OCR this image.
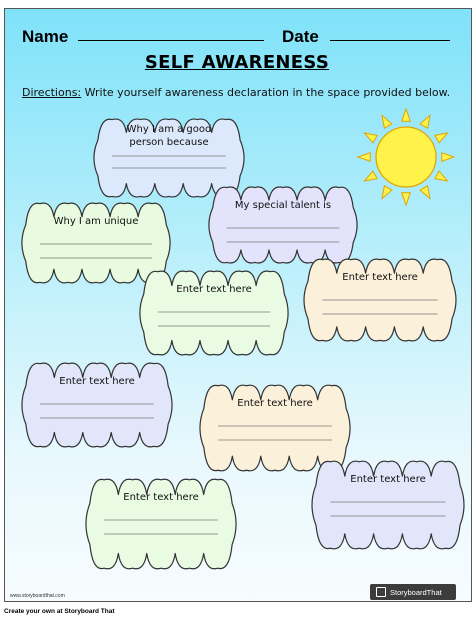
Name	Date
SELF AWARENESS
Directions: Write yourself awareness declaration in the space provided below.
Why I am a good
person because
My special talent is
Why I am unique
Enter text here
Enter text here
Enter text here
Enter text here
Enter text here
Enter text here
www.storyboardthat.com	StoryboardThat
Create your own at Storyboard That
